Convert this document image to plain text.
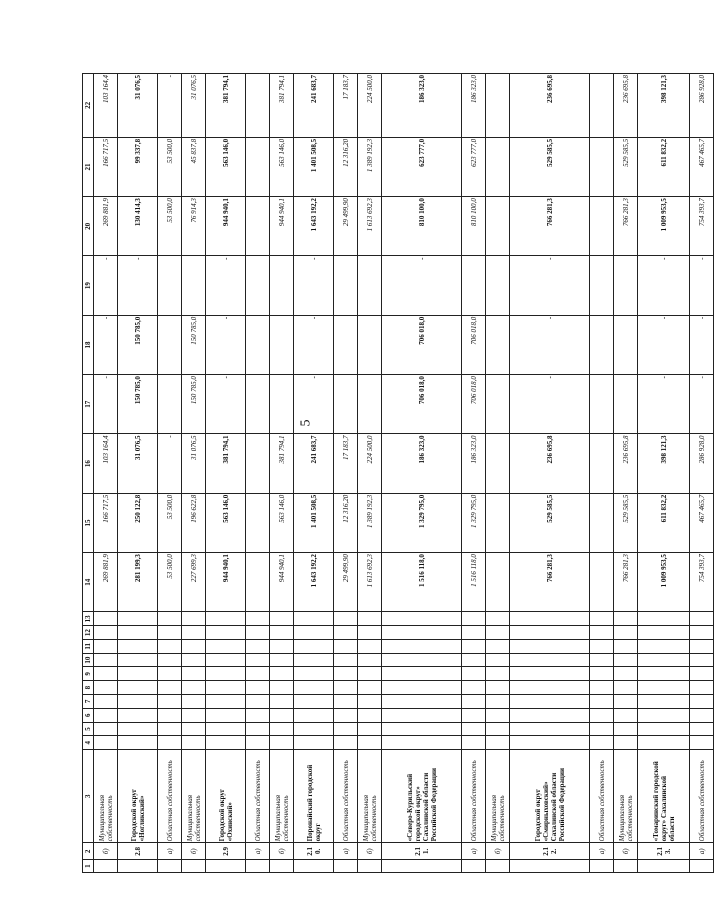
5
1	2	3	4	5	6	7	8	9	10	11	12	13	14	15	16	17	18	19	20	21	22
	б)	Муниципальная собственность											269 881,9	166 717,5	103 164,4	-	-	-	269 881,9	166 717,5	103 164,4
	2.8	Городской округ «Ногликский»											281 199,3	250 122,8	31 076,5	150 785,0	150 785,0	-	130 414,3	99 337,8	31 076,5
	а)	Областная собственность											53 500,0	53 500,0	-				53 500,0	53 500,0	-
	б)	Муниципальная собственность											227 699,3	196 622,8	31 076,5	150 785,0	150 785,0		76 914,3	45 837,8	31 076,5
	2.9	Городской округ «Охинский»											944 940,1	563 146,0	381 794,1	-	-	-	944 940,1	563 146,0	381 794,1
	а)	Областная собственность																			
	б)	Муниципальная собственность											944 940,1	563 146,0	381 794,1				944 940,1	563 146,0	381 794,1
	2.1 0.	Поронайский городской округ											1 643 192,2	1 401 508,5	241 683,7	-	-	-	1 643 192,2	1 401 508,5	241 683,7
	а)	Областная собственность											29 499,90	12 316,20	17 183,7				29 499,90	12 316,20	17 183,7
	б)	Муниципальная собственность											1 613 692,3	1 389 192,3	224 500,0				1 613 692,3	1 389 192,3	224 500,0
	2.1 1.	«Северо-Курильский городской округ» Сахалинской области Российской Федерации											1 516 118,0	1 329 795,0	186 323,0	706 018,0	706 018,0	-	810 100,0	623 777,0	186 323,0
	а)	Областная собственность											1 516 118,0	1 329 795,0	186 323,0	706 018,0	706 018,0		810 100,0	623 777,0	186 323,0
	б)	Муниципальная собственность																			
	2.1 2.	Городской округ «Смирныховский» Сахалинской области Российской Федерации											766 281,3	529 585,5	236 695,8	-	-	-	766 281,3	529 585,5	236 695,8
	а)	Областная собственность																			
	б)	Муниципальная собственность											766 281,3	529 585,5	236 695,8				766 281,3	529 585,5	236 695,8
	2.1 3.	«Томаринский городской округ» Сахалинской области											1 009 953,5	611 832,2	398 121,3	-	-	-	1 009 953,5	611 832,2	398 121,3
	а)	Областная собственность											754 393,7	467 465,7	286 928,0	-	-	-	754 393,7	467 465,7	286 928,0
